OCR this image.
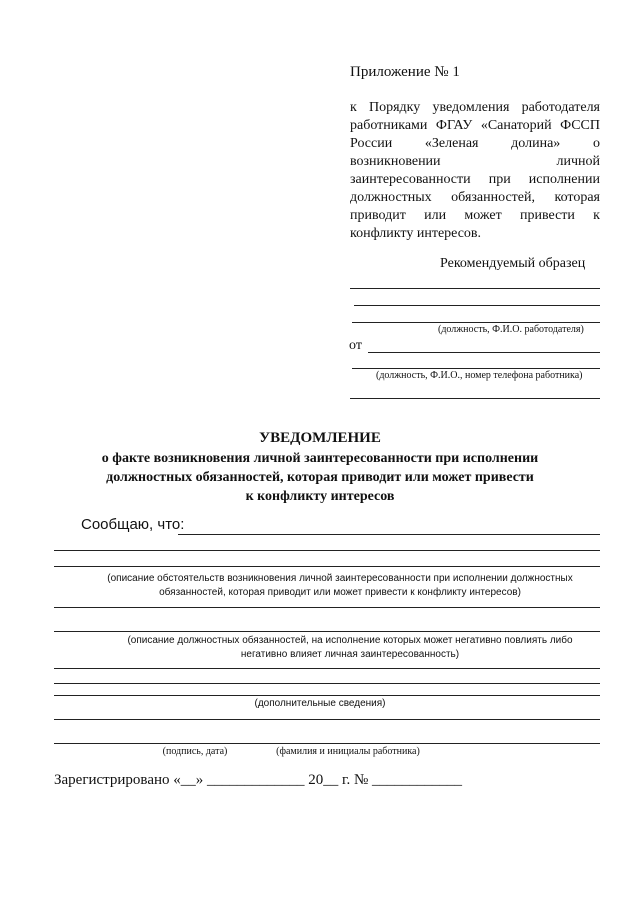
Приложение № 1
к Порядку уведомления работодателя работниками ФГАУ «Санаторий ФССП России «Зеленая долина» о возникновении личной заинтересованности при исполнении должностных обязанностей, которая приводит или может привести к конфликту интересов.
Рекомендуемый образец
(должность, Ф.И.О. работодателя)
от
(должность, Ф.И.О., номер телефона работника)
УВЕДОМЛЕНИЕ
о факте возникновения личной заинтересованности при исполнении
должностных обязанностей, которая приводит или может привести
к конфликту интересов
Сообщаю, что:
(описание обстоятельств возникновения личной заинтересованности при исполнении должностных обязанностей, которая приводит или может привести к конфликту интересов)
(описание должностных обязанностей, на исполнение которых может негативно повлиять либо негативно влияет личная заинтересованность)
(дополнительные сведения)
(подпись, дата)	(фамилия и инициалы работника)
Зарегистрировано «__» _____________ 20__ г. № ____________
